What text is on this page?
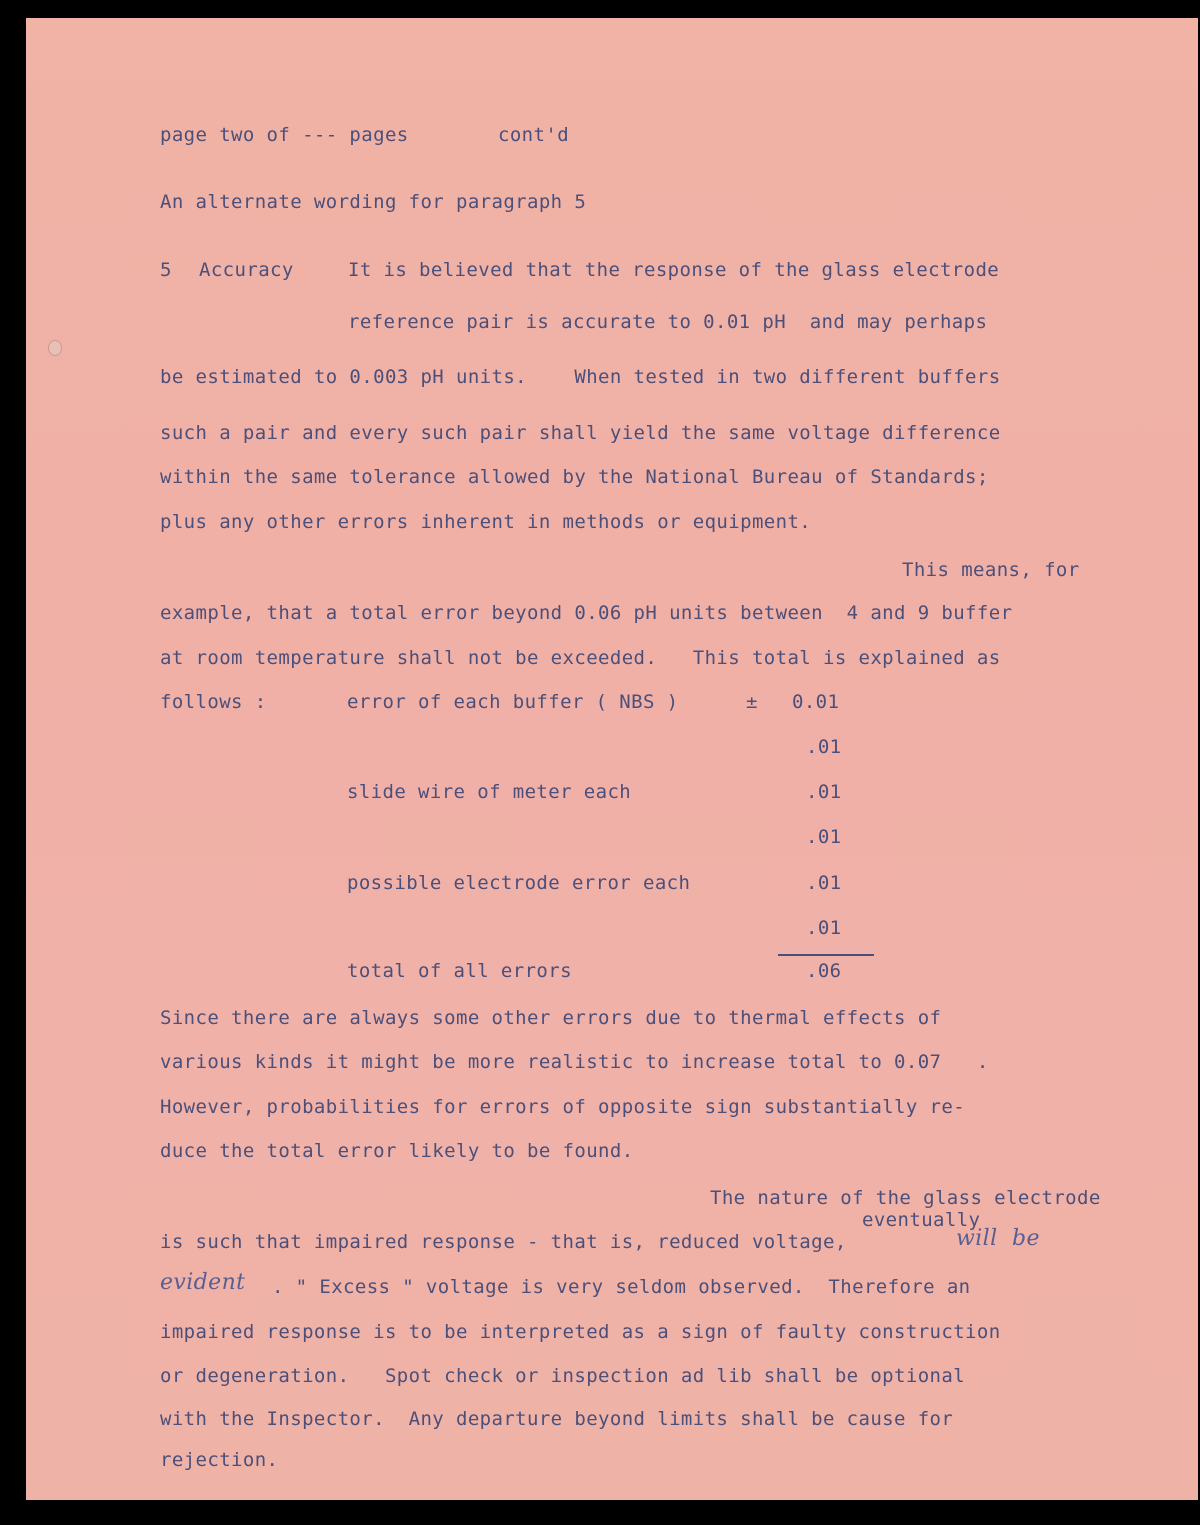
page two of --- pages	cont'd
An alternate wording for paragraph 5
5 Accuracy	It is believed that the response of the glass electrode
reference pair is accurate to 0.01 pH  and may perhaps
be estimated to 0.003 pH units.    When tested in two different buffers
such a pair and every such pair shall yield the same voltage difference
within the same tolerance allowed by the National Bureau of Standards;
plus any other errors inherent in methods or equipment.
This means, for
example, that a total error beyond 0.06 pH units between  4 and 9 buffer
at room temperature shall not be exceeded.   This total is explained as
follows :	error of each buffer ( NBS )	± 0.01
.01
slide wire of meter each	.01
.01
possible electrode error each	.01
.01
total of all errors	.06
Since there are always some other errors due to thermal effects of
various kinds it might be more realistic to increase total to 0.07   .
However, probabilities for errors of opposite sign substantially re-
duce the total error likely to be found.
The nature of the glass electrode
eventually
is such that impaired response - that is, reduced voltage,	will be
evident . " Excess " voltage is very seldom observed.  Therefore an
impaired response is to be interpreted as a sign of faulty construction
or degeneration.   Spot check or inspection ad lib shall be optional
with the Inspector.  Any departure beyond limits shall be cause for
rejection.
